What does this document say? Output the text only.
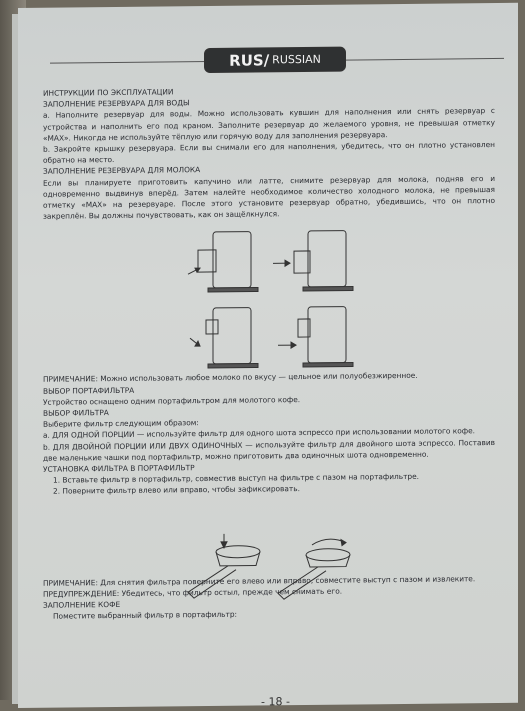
RUS/ RUSSIAN

ИНСТРУКЦИИ ПО ЭКСПЛУАТАЦИИ

ЗАПОЛНЕНИЕ РЕЗЕРВУАРА ДЛЯ ВОДЫ

a. Наполните резервуар для воды. Можно использовать кувшин для наполнения или снять резервуар с устройства и наполнить его под краном. Заполните резервуар до желаемого уровня, не превышая отметку «MAX». Никогда не используйте тёплую или горячую воду для заполнения резервуара.

b. Закройте крышку резервуара. Если вы снимали его для наполнения, убедитесь, что он плотно установлен обратно на место.

ЗАПОЛНЕНИЕ РЕЗЕРВУАРА ДЛЯ МОЛОКА

Если вы планируете приготовить капучино или латте, снимите резервуар для молока, подняв его и одновременно выдвинув вперёд. Затем налейте необходимое количество холодного молока, не превышая отметку «MAX» на резервуаре. После этого установите резервуар обратно, убедившись, что он плотно закреплён. Вы должны почувствовать, как он защёлкнулся.

ПРИМЕЧАНИЕ: Можно использовать любое молоко по вкусу — цельное или полуобезжиренное.

ВЫБОР ПОРТАФИЛЬТРА

Устройство оснащено одним портафильтром для молотого кофе.

ВЫБОР ФИЛЬТРА

Выберите фильтр следующим образом:

a. ДЛЯ ОДНОЙ ПОРЦИИ — используйте фильтр для одного шота эспрессо при использовании молотого кофе.

b. ДЛЯ ДВОЙНОЙ ПОРЦИИ ИЛИ ДВУХ ОДИНОЧНЫХ — используйте фильтр для двойного шота эспрессо. Поставив две маленькие чашки под портафильтр, можно приготовить два одиночных шота одновременно.

УСТАНОВКА ФИЛЬТРА В ПОРТАФИЛЬТР

1. Вставьте фильтр в портафильтр, совместив выступ на фильтре с пазом на портафильтре.

2. Поверните фильтр влево или вправо, чтобы зафиксировать.

ПРИМЕЧАНИЕ: Для снятия фильтра поверните его влево или вправо, совместите выступ с пазом и извлеките.

ПРЕДУПРЕЖДЕНИЕ: Убедитесь, что фильтр остыл, прежде чем снимать его.

ЗАПОЛНЕНИЕ КОФЕ

Поместите выбранный фильтр в портафильтр:

- 18 -
